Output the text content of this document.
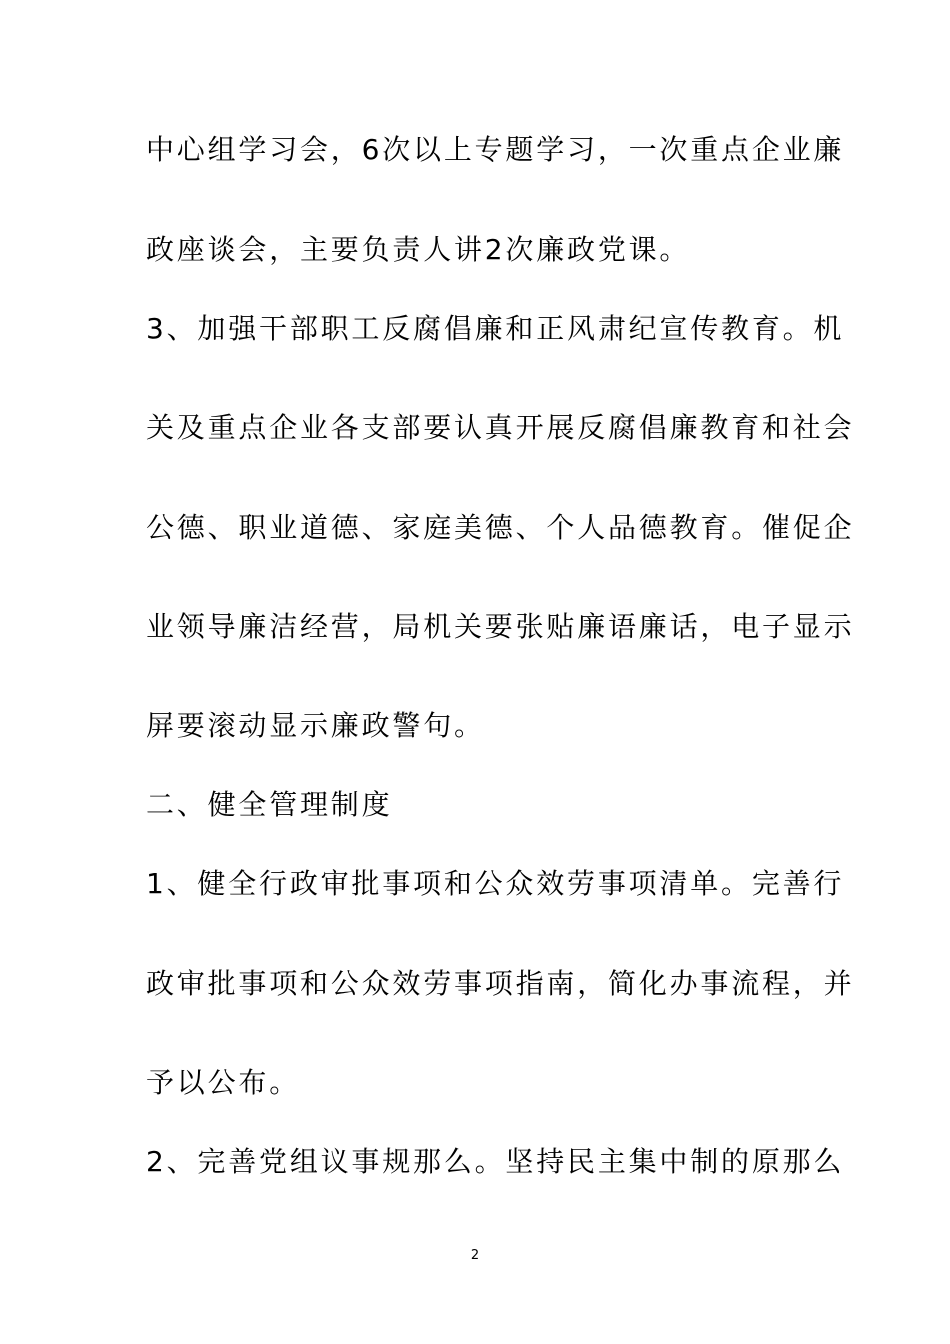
中心组学习会，6次以上专题学习，一次重点企业廉
政座谈会，主要负责人讲2次廉政党课。
3、加强干部职工反腐倡廉和正风肃纪宣传教育。机
关及重点企业各支部要认真开展反腐倡廉教育和社会
公德、职业道德、家庭美德、个人品德教育。催促企
业领导廉洁经营，局机关要张贴廉语廉话，电子显示
屏要滚动显示廉政警句。
二、健全管理制度
1、健全行政审批事项和公众效劳事项清单。完善行
政审批事项和公众效劳事项指南，简化办事流程，并
予以公布。
2、完善党组议事规那么。坚持民主集中制的原那么
2
